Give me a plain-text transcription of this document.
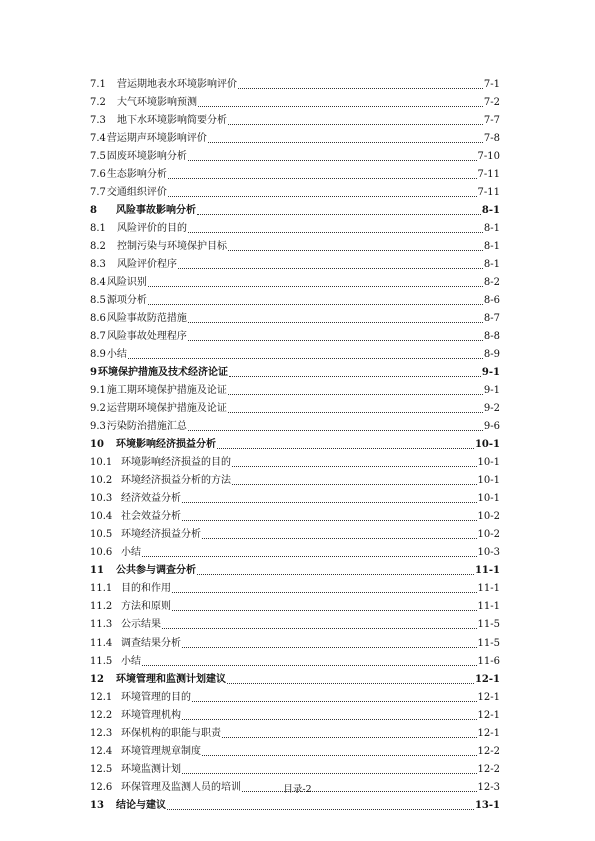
7.1	营运期地表水环境影响评价	7-1
7.2	大气环境影响预测	7-2
7.3	地下水环境影响简要分析	7-7
7.4 营运期声环境影响评价	7-8
7.5 固废环境影响分析	7-10
7.6 生态影响分析	7-11
7.7 交通组织评价	7-11
8	风险事故影响分析	8-1
8.1	风险评价的目的	8-1
8.2	控制污染与环境保护目标	8-1
8.3	风险评价程序	8-1
8.4 风险识别	8-2
8.5 源项分析	8-6
8.6 风险事故防范措施	8-7
8.7 风险事故处理程序	8-8
8.9 小结	8-9
9 环境保护措施及技术经济论证	9-1
9.1 施工期环境保护措施及论证	9-1
9.2 运营期环境保护措施及论证	9-2
9.3 污染防治措施汇总	9-6
10	环境影响经济损益分析	10-1
10.1 环境影响经济损益的目的	10-1
10.2 环境经济损益分析的方法	10-1
10.3 经济效益分析	10-1
10.4 社会效益分析	10-2
10.5 环境经济损益分析	10-2
10.6 小结	10-3
11	公共参与调查分析	11-1
11.1 目的和作用	11-1
11.2 方法和原则	11-1
11.3 公示结果	11-5
11.4 调查结果分析	11-5
11.5 小结	11-6
12	环境管理和监测计划建议	12-1
12.1 环境管理的目的	12-1
12.2 环境管理机构	12-1
12.3 环保机构的职能与职责	12-1
12.4 环境管理规章制度	12-2
12.5 环境监测计划	12-2
12.6 环保管理及监测人员的培训	12-3
13	结论与建议	13-1
目录-2
